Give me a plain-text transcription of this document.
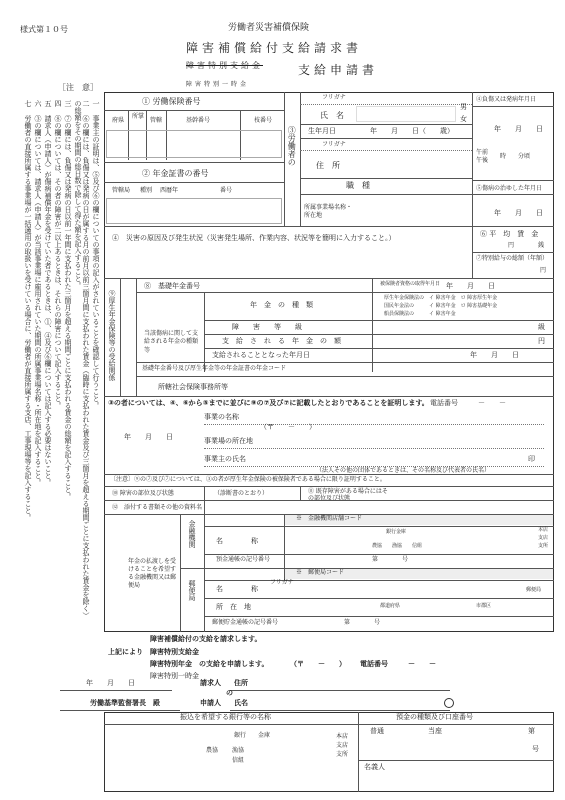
様式第１０号	労働者災害補償保険
障害補償給付支給請求書
障害特別支給金	支給申請書
障害特別一時金
［注　意］
一 事業主の証明は、⑤及び⑥の欄についての事項の記入がされていることを確認して行うこと。
二 ⑥の欄には、負傷又は発病の日が属する月の前月以前三箇月間に支払われた賃金（臨時に支払われた賃金及び三箇月を超える期間ごとに支払われた賃金を除く）の総額をその期間の総日数で除して得た額を記入すること。
三 ⑦の欄には、負傷又は発病の日以前一年間に支払われた三箇月を超える期間ごとに支払われる賃金の総額を記入すること。
四 ⑧の欄については、その者の障害が二以上あるときは、それらの障害について記入すること。
五 請求人（申請人）が傷病補償年金を受けていた者であるときは、①、④及び⑥欄については記入する必要はないこと。
六 ③の欄については、請求人（申請人）が当該事業場に雇用されていた期間の所属事業場名称・所在地を記入すること。
七 労働者の直接所属する事業場が一括適用の取扱いを受けている場合に、労働者が直接所属する支店、工事現場等を記入すること。	① 労働保険番号
府県
所掌
管轄	基幹番号	枝番号
② 年金証書の番号
管轄局 種別 西暦年	番号
③労働者の
フリガナ
氏　名
男
女
生年月日	年　　月　　日（　　歳）
フリガナ
住　所
職　種
所属事業場名称・所在地
④負傷又は発病年月日
年　　月　　日
午前
午後
時　　分頃
⑤傷病の治ゆした年月日
年　　月　　日
④　災害の原因及び発生状況（災害発生場所、作業内容、状況等を簡明に入力すること。）	⑥ 平　均　賃　金
円　　　　銭
⑦特別給与の総額（年額）
円
⑨厚生年金保険等の受給関係
⑧　基礎年金番号	被保険者資格の取得年月日 年　　月　　日
年　金　の　種　類
厚生年金保険法の　イ 障害年金　ロ 障害厚生年金
国民年金法の　　　イ 障害年金　ロ 障害基礎年金
船員保険法の　　　イ 障害年金
当該傷病に関して支給される年金の種類等
障　　害　　等　　級	級
支　給　さ　れ　る　年　金　の　額	円
支給されることとなった年月日	年　　月　　日
基礎年金番号及び厚生年金等の年金証書の年金コード
所轄社会保険事務所等
③の者については、④、⑥から⑤までに並びに⑨の⑦及び⑦に記載したとおりであることを証明します。 電話番号	－　　－
事業の名称
（〒　　－　　）
年　　月　　日	事業場の所在地
事業主の氏名	印
（法人その他の団体であるときは、その名称及び代表者の氏名）
〔注意〕 ⑨の⑦及び⑦については、③の者が厚生年金保険の被保険者である場合に限り証明すること。
⑩ 障害の部位及び状態	（診断書のとおり）	⑪ 既存障害がある場合にはその部位及び状態
⑫　添付する書類その他の資料名
年金の払渡しを受けることを希望する金融機関又は郵便局
金融機関
※　金融機関店舗コード
名　　　　称
銀行 金庫
農協 漁協 信組
本店
支店
支所
預金通帳の記号番号	第　　　　号
郵便局
※　郵便局コード
フリガナ
名　　　　称	郵便局
所　在　地	都道府県	市郡区
郵便貯金通帳の記号番号	第　　　　号
障害補償給付の支給を請求します。
上記により 障害特別支給金
障害特別年金　の支給を申請します。	（〒　　－　　） 電話番号	－　　－
障害特別一時金
年　　月　　日	請求人 住所
の
労働基準監督署長　殿	申請人 氏名
振込を希望する銀行等の名称	預金の種類及び口座番号
銀行 金庫
農協 漁協
信組
本店
支店
支所
普通	当座	第
号
名義人
